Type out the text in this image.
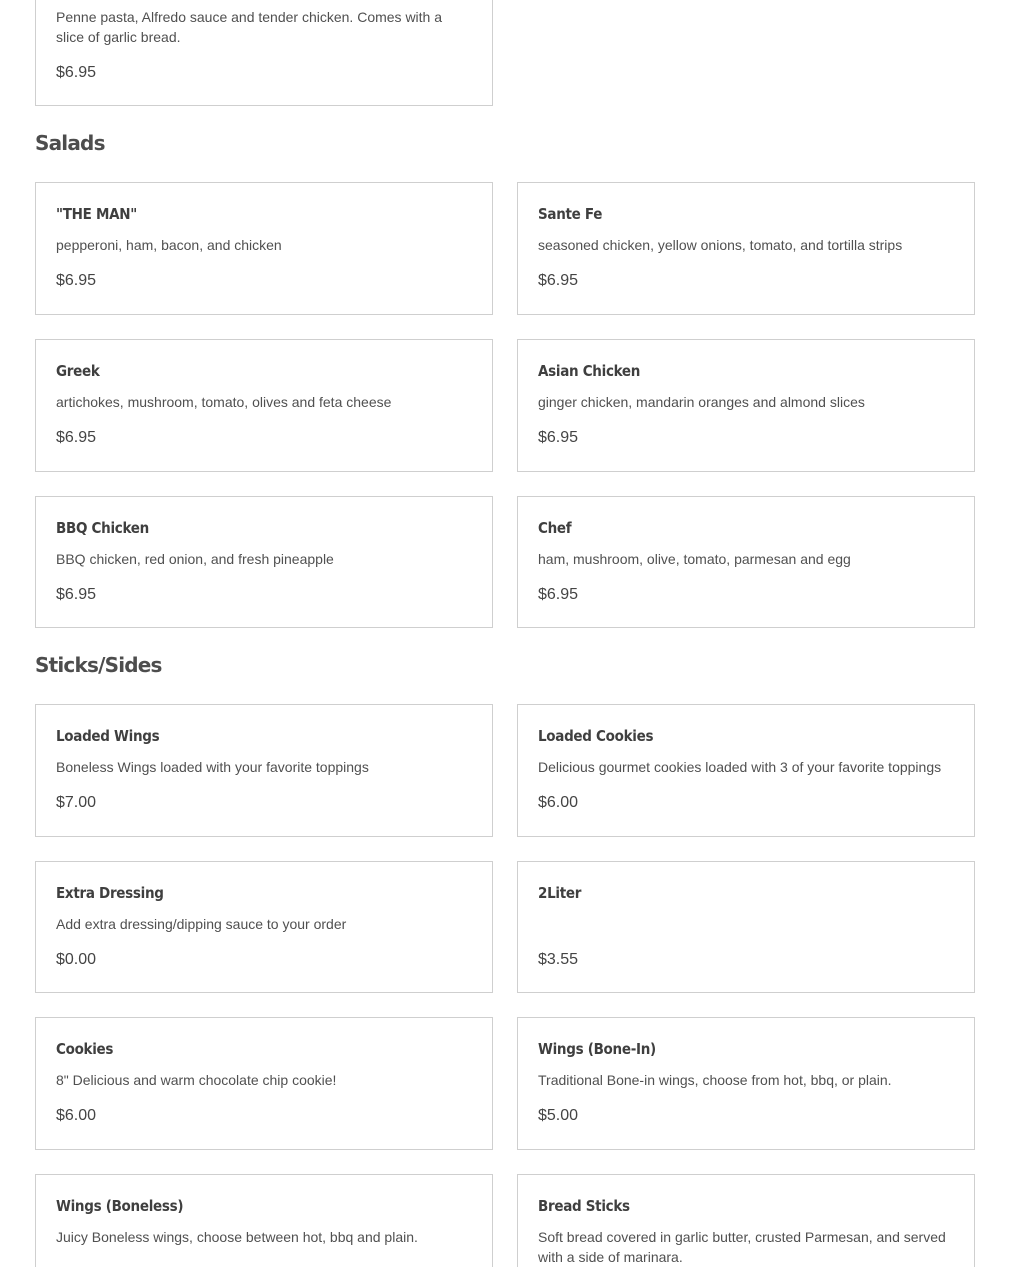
Penne pasta, Alfredo sauce and tender chicken. Comes with a slice of garlic bread.
$6.95
Salads
"THE MAN"
pepperoni, ham, bacon, and chicken
$6.95
Sante Fe
seasoned chicken, yellow onions, tomato, and tortilla strips
$6.95
Greek
artichokes, mushroom, tomato, olives and feta cheese
$6.95
Asian Chicken
ginger chicken, mandarin oranges and almond slices
$6.95
BBQ Chicken
BBQ chicken, red onion, and fresh pineapple
$6.95
Chef
ham, mushroom, olive, tomato, parmesan and egg
$6.95
Sticks/Sides
Loaded Wings
Boneless Wings loaded with your favorite toppings
$7.00
Loaded Cookies
Delicious gourmet cookies loaded with 3 of your favorite toppings
$6.00
Extra Dressing
Add extra dressing/dipping sauce to your order
$0.00
2Liter
$3.55
Cookies
8" Delicious and warm chocolate chip cookie!
$6.00
Wings (Bone-In)
Traditional Bone-in wings, choose from hot, bbq, or plain.
$5.00
Wings (Boneless)
Juicy Boneless wings, choose between hot, bbq and plain.
Bread Sticks
Soft bread covered in garlic butter, crusted Parmesan, and served with a side of marinara.
